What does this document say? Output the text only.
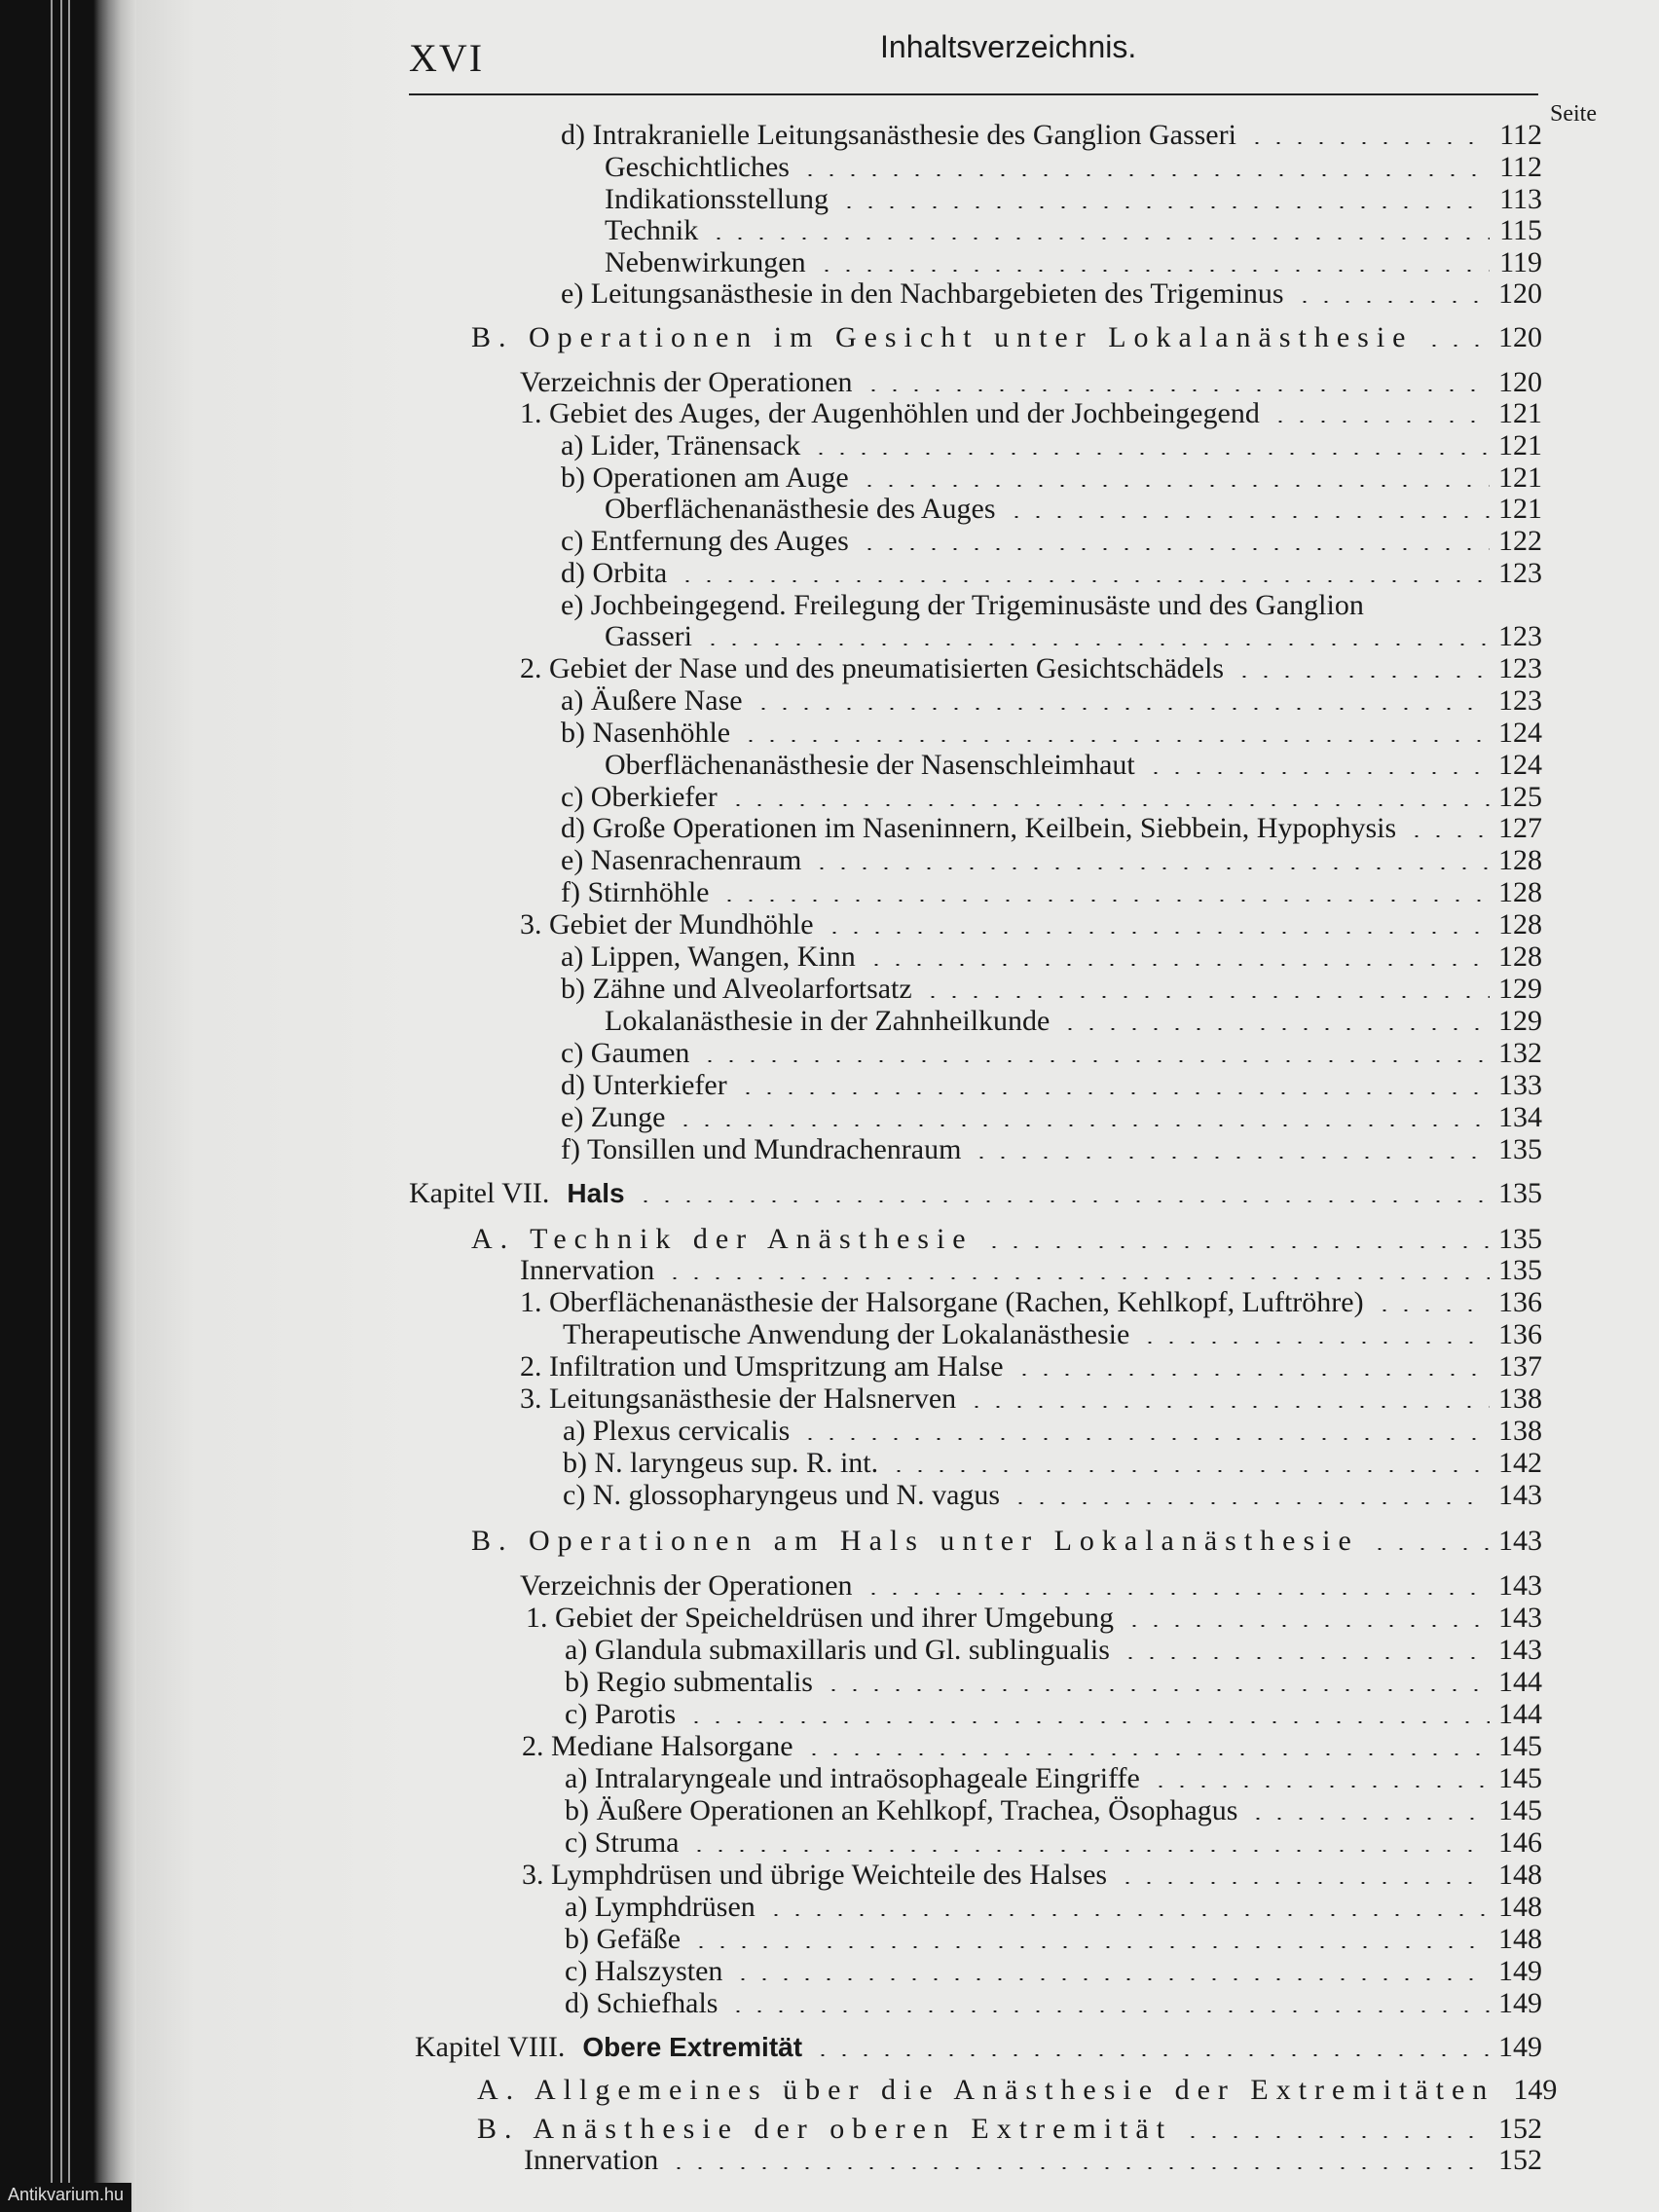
XVI	Inhaltsverzeichnis.
Seite
d) Intrakranielle Leitungsanästhesie des Ganglion Gasseri	112
Geschichtliches	112
Indikationsstellung	113
Technik	115
Nebenwirkungen	119
e) Leitungsanästhesie in den Nachbargebieten des Trigeminus	120
B. Operationen im Gesicht unter Lokalanästhesie	120
Verzeichnis der Operationen	120
1. Gebiet des Auges, der Augenhöhlen und der Jochbeingegend	121
a) Lider, Tränensack	121
b) Operationen am Auge	121
Oberflächenanästhesie des Auges	121
c) Entfernung des Auges	122
d) Orbita	123
e) Jochbeingegend. Freilegung der Trigeminusäste und des Ganglion
Gasseri	123
2. Gebiet der Nase und des pneumatisierten Gesichtschädels	123
a) Äußere Nase	123
b) Nasenhöhle	124
Oberflächenanästhesie der Nasenschleimhaut	124
c) Oberkiefer	125
d) Große Operationen im Naseninnern, Keilbein, Siebbein, Hypophysis	127
e) Nasenrachenraum	128
f) Stirnhöhle	128
3. Gebiet der Mundhöhle	128
a) Lippen, Wangen, Kinn	128
b) Zähne und Alveolarfortsatz	129
Lokalanästhesie in der Zahnheilkunde	129
c) Gaumen	132
d) Unterkiefer	133
e) Zunge	134
f) Tonsillen und Mundrachenraum	135
Kapitel VII. Hals	135
A. Technik der Anästhesie	135
Innervation	135
1. Oberflächenanästhesie der Halsorgane (Rachen, Kehlkopf, Luftröhre)	136
Therapeutische Anwendung der Lokalanästhesie	136
2. Infiltration und Umspritzung am Halse	137
3. Leitungsanästhesie der Halsnerven	138
a) Plexus cervicalis	138
b) N. laryngeus sup. R. int.	142
c) N. glossopharyngeus und N. vagus	143
B. Operationen am Hals unter Lokalanästhesie	143
Verzeichnis der Operationen	143
1. Gebiet der Speicheldrüsen und ihrer Umgebung	143
a) Glandula submaxillaris und Gl. sublingualis	143
b) Regio submentalis	144
c) Parotis	144
2. Mediane Halsorgane	145
a) Intralaryngeale und intraösophageale Eingriffe	145
b) Äußere Operationen an Kehlkopf, Trachea, Ösophagus	145
c) Struma	146
3. Lymphdrüsen und übrige Weichteile des Halses	148
a) Lymphdrüsen	148
b) Gefäße	148
c) Halszysten	149
d) Schiefhals	149
Kapitel VIII. Obere Extremität	149
A. Allgemeines über die Anästhesie der Extremitäten 149
B. Anästhesie der oberen Extremität	152
Innervation	152
Antikvarium.hu
